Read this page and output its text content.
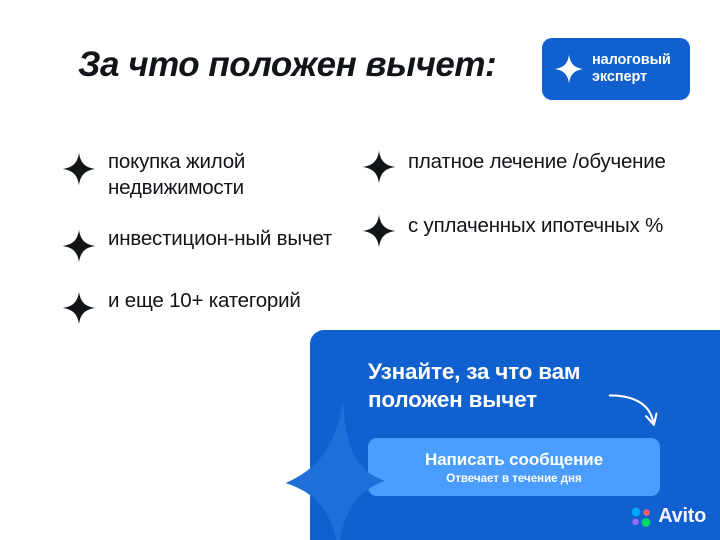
За что положен вычет:	налоговый
эксперт
покупка жилой недвижимости
инвестицион-ный вычет
и еще 10+ категорий
платное лечение /обучение
с уплаченных ипотечных %
Узнайте, за что вам положен вычет
Написать сообщение
Отвечает в течение дня
Avito
